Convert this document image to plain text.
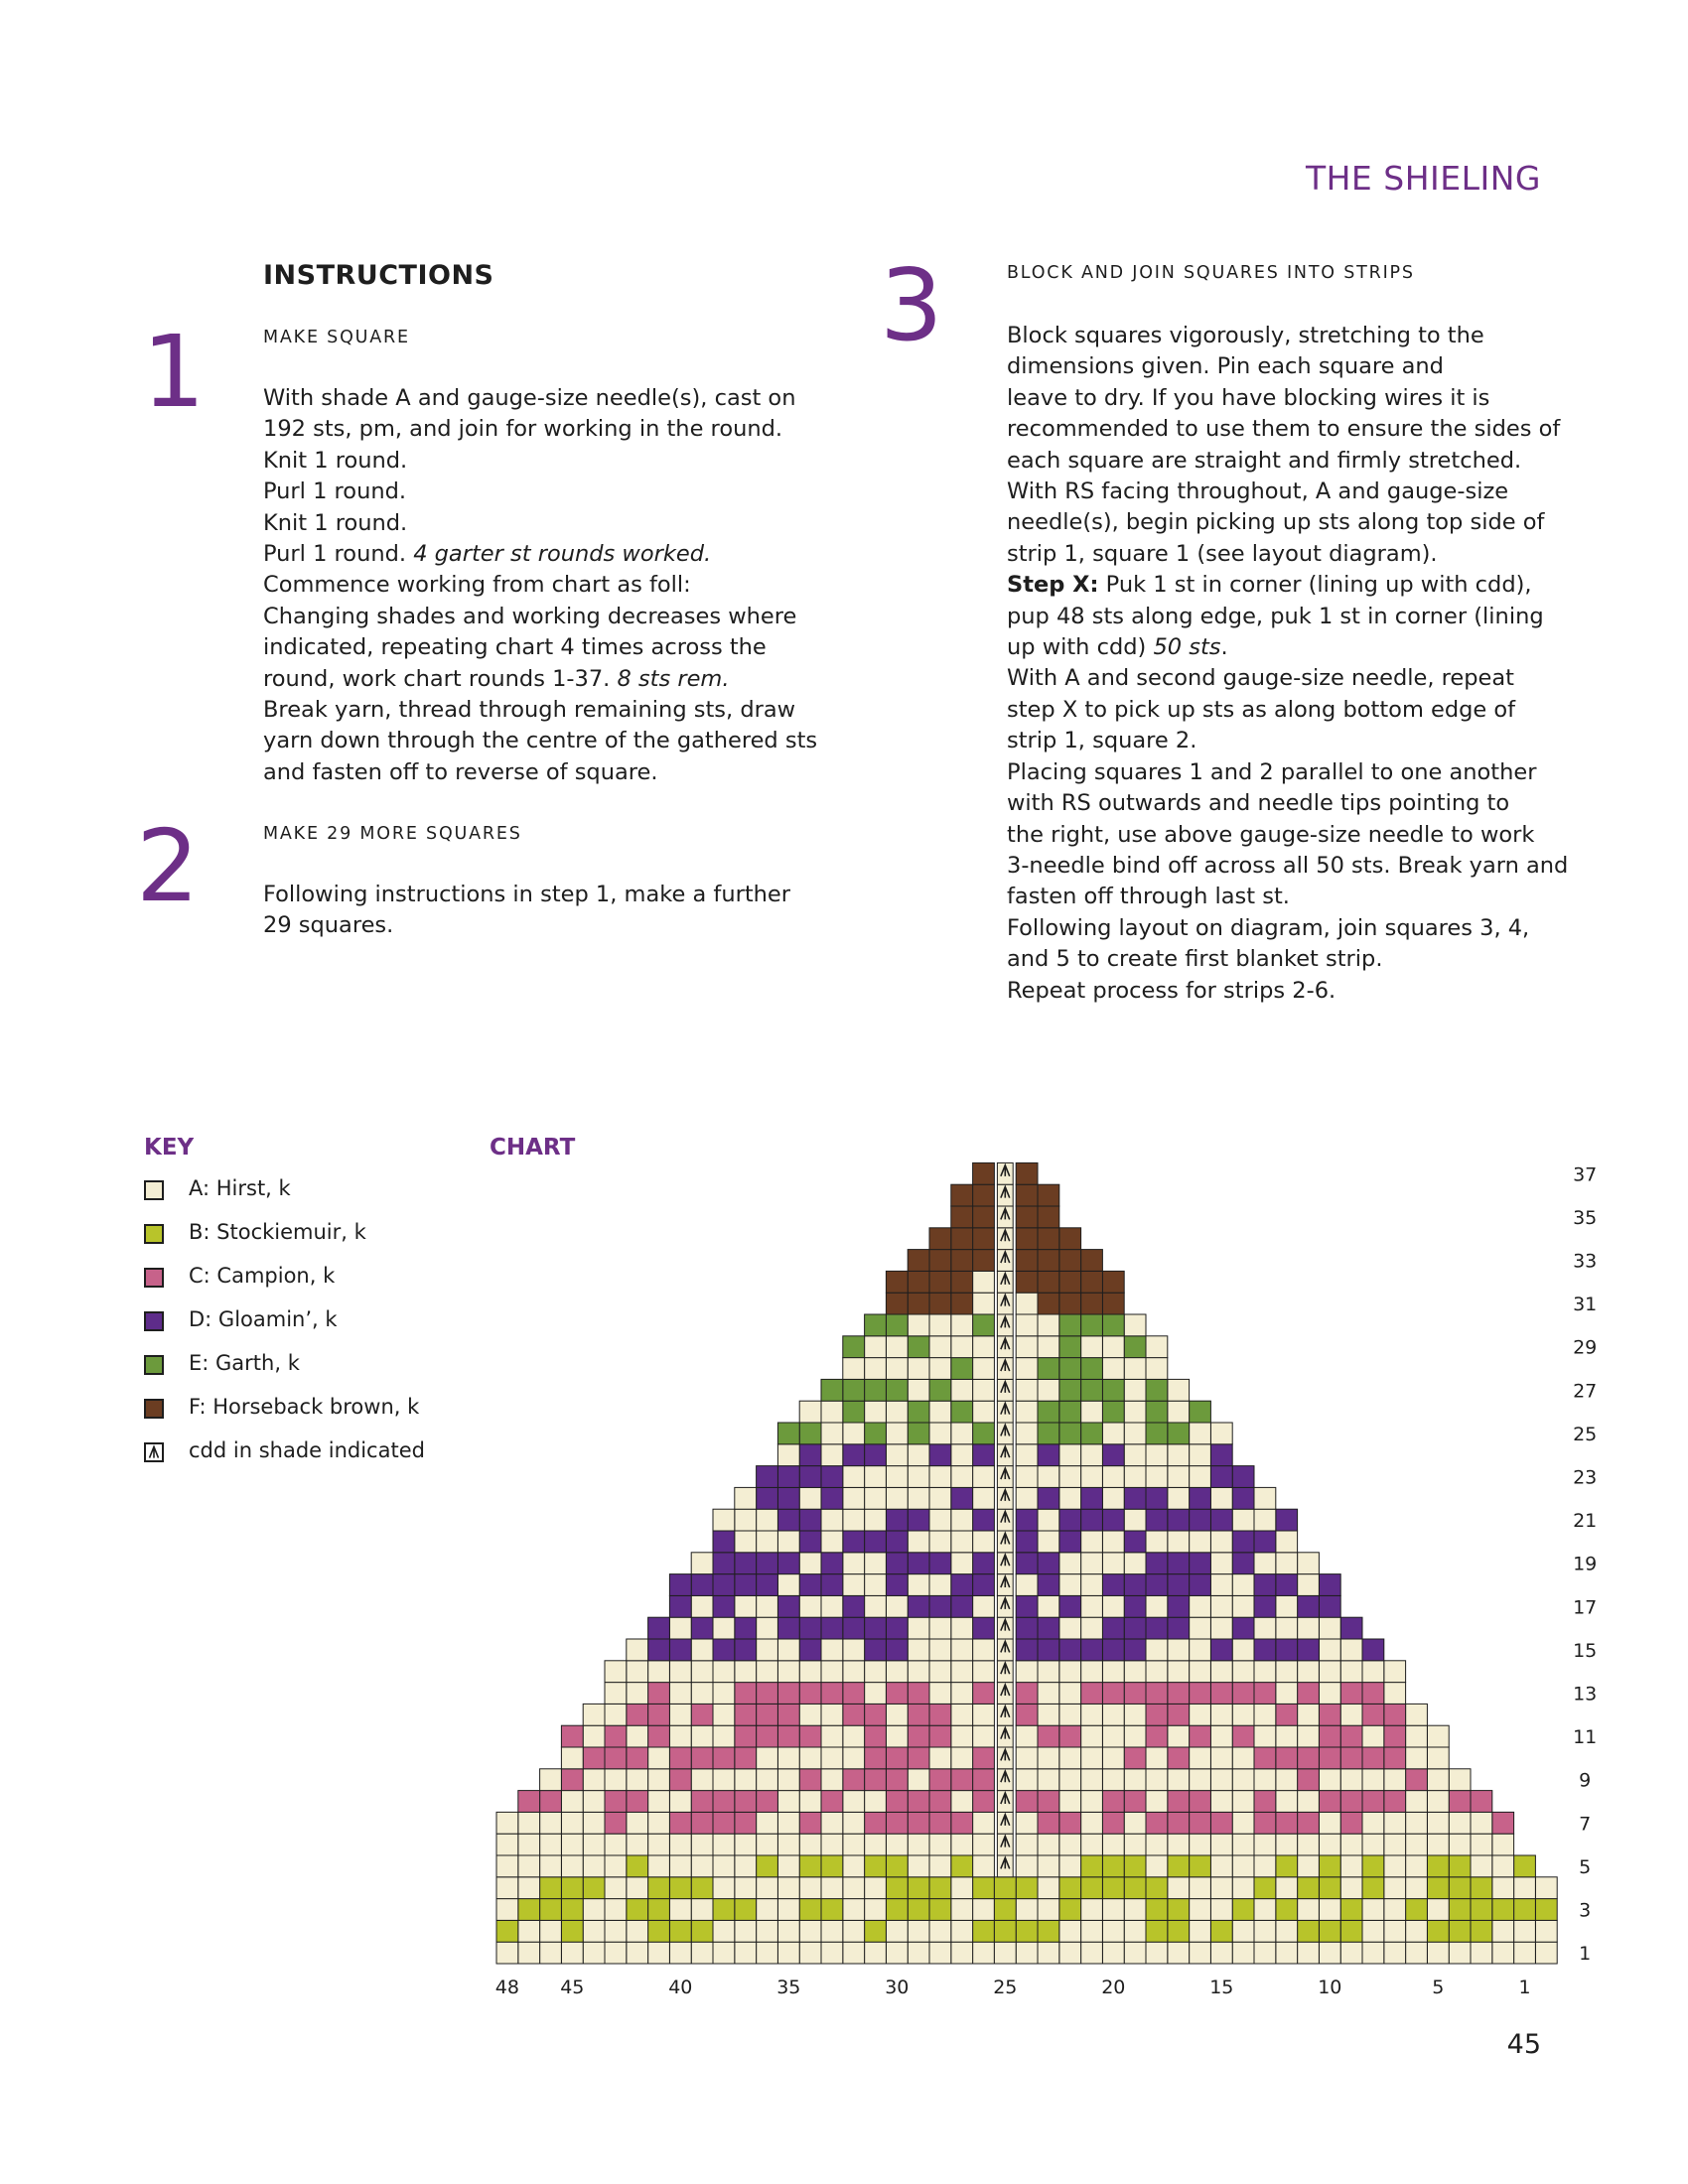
THE SHIELING
INSTRUCTIONS
1	MAKE SQUARE

With shade A and gauge-size needle(s), cast on

192 sts, pm, and join for working in the round.

Knit 1 round.

Purl 1 round.

Knit 1 round.

Purl 1 round. 4 garter st rounds worked.

Commence working from chart as foll:

Changing shades and working decreases where

indicated, repeating chart 4 times across the

round, work chart rounds 1-37. 8 sts rem.

Break yarn, thread through remaining sts, draw

yarn down through the centre of the gathered sts

and fasten off to reverse of square.

2	MAKE 29 MORE SQUARES

Following instructions in step 1, make a further

29 squares.

3	BLOCK AND JOIN SQUARES INTO STRIPS

Block squares vigorously, stretching to the

dimensions given. Pin each square and

leave to dry. If you have blocking wires it is

recommended to use them to ensure the sides of

each square are straight and firmly stretched.

With RS facing throughout, A and gauge-size

needle(s), begin picking up sts along top side of

strip 1, square 1 (see layout diagram).

Step X: Puk 1 st in corner (lining up with cdd),

pup 48 sts along edge, puk 1 st in corner (lining

up with cdd) 50 sts.

With A and second gauge-size needle, repeat

step X to pick up sts as along bottom edge of

strip 1, square 2.

Placing squares 1 and 2 parallel to one another

with RS outwards and needle tips pointing to

the right, use above gauge-size needle to work

3-needle bind off across all 50 sts. Break yarn and

fasten off through last st.

Following layout on diagram, join squares 3, 4,

and 5 to create first blanket strip.

Repeat process for strips 2-6.

KEY
A: Hirst, k
B: Stockiemuir, k
C: Campion, k
D: Gloamin’, k
E: Garth, k
F: Horseback brown, k
cdd in shade indicated
CHART
48 45	40	35	30	25	20	15	10	5	1
1
3
5
7
9
11
13
15
17
19
21
23
25
27
29
31
33
35
37
45
